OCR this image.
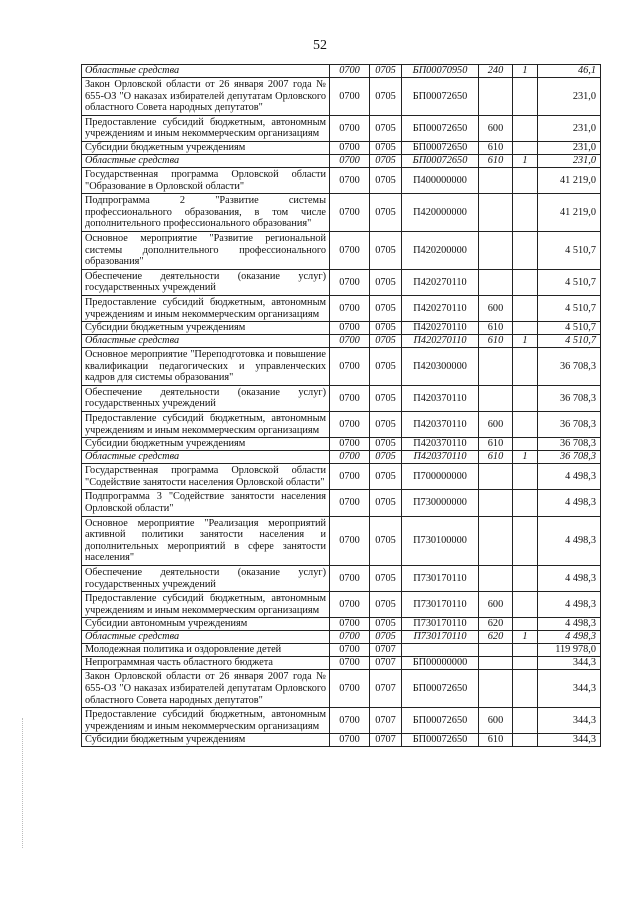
52
Областные средства	0700	0705	БП00070950	240	1	46,1
Закон Орловской области от 26 января 2007 года № 655-ОЗ "О наказах избирателей депутатам Орловского областного Совета народных депутатов"	0700	0705	БП00072650			231,0
Предоставление субсидий бюджетным, автономным учреждениям и иным некоммерческим организациям	0700	0705	БП00072650	600		231,0
Субсидии бюджетным учреждениям	0700	0705	БП00072650	610		231,0
Областные средства	0700	0705	БП00072650	610	1	231,0
Государственная программа Орловской области "Образование в Орловской области"	0700	0705	П400000000			41 219,0
Подпрограмма 2 "Развитие системы профессионального образования, в том числе дополнительного профессионального образования"	0700	0705	П420000000			41 219,0
Основное мероприятие "Развитие региональной системы дополнительного профессионального образования"	0700	0705	П420200000			4 510,7
Обеспечение деятельности (оказание услуг) государственных учреждений	0700	0705	П420270110			4 510,7
Предоставление субсидий бюджетным, автономным учреждениям и иным некоммерческим организациям	0700	0705	П420270110	600		4 510,7
Субсидии бюджетным учреждениям	0700	0705	П420270110	610		4 510,7
Областные средства	0700	0705	П420270110	610	1	4 510,7
Основное мероприятие "Переподготовка и повышение квалификации педагогических и управленческих кадров для системы образования"	0700	0705	П420300000			36 708,3
Обеспечение деятельности (оказание услуг) государственных учреждений	0700	0705	П420370110			36 708,3
Предоставление субсидий бюджетным, автономным учреждениям и иным некоммерческим организациям	0700	0705	П420370110	600		36 708,3
Субсидии бюджетным учреждениям	0700	0705	П420370110	610		36 708,3
Областные средства	0700	0705	П420370110	610	1	36 708,3
Государственная программа Орловской области "Содействие занятости населения Орловской области"	0700	0705	П700000000			4 498,3
Подпрограмма 3 "Содействие занятости населения Орловской области"	0700	0705	П730000000			4 498,3
Основное мероприятие "Реализация мероприятий активной политики занятости населения и дополнительных мероприятий в сфере занятости населения"	0700	0705	П730100000			4 498,3
Обеспечение деятельности (оказание услуг) государственных учреждений	0700	0705	П730170110			4 498,3
Предоставление субсидий бюджетным, автономным учреждениям и иным некоммерческим организациям	0700	0705	П730170110	600		4 498,3
Субсидии автономным учреждениям	0700	0705	П730170110	620		4 498,3
Областные средства	0700	0705	П730170110	620	1	4 498,3
Молодежная политика и оздоровление детей	0700	0707				119 978,0
Непрограммная часть областного бюджета	0700	0707	БП00000000			344,3
Закон Орловской области от 26 января 2007 года № 655-ОЗ "О наказах избирателей депутатам Орловского областного Совета народных депутатов"	0700	0707	БП00072650			344,3
Предоставление субсидий бюджетным, автономным учреждениям и иным некоммерческим организациям	0700	0707	БП00072650	600		344,3
Субсидии бюджетным учреждениям	0700	0707	БП00072650	610		344,3
